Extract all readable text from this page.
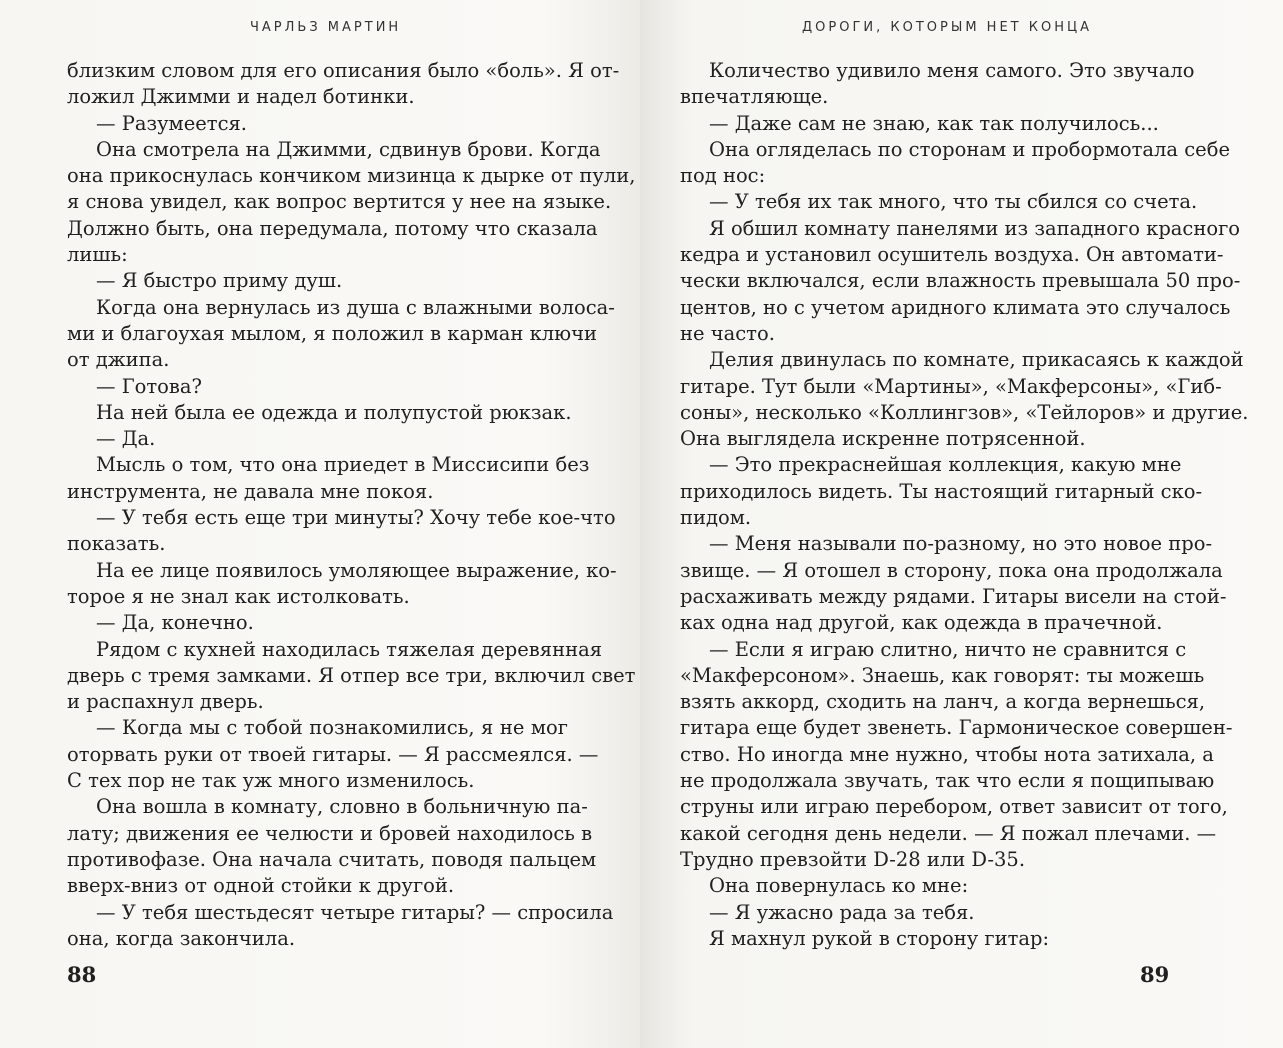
ЧАРЛЬЗ МАРТИН
близким словом для его описания было «боль». Я от-
ложил Джимми и надел ботинки.
— Разумеется.
Она смотрела на Джимми, сдвинув брови. Когда
она прикоснулась кончиком мизинца к дырке от пули,
я снова увидел, как вопрос вертится у нее на языке.
Должно быть, она передумала, потому что сказала
лишь:
— Я быстро приму душ.
Когда она вернулась из душа с влажными волоса-
ми и благоухая мылом, я положил в карман ключи
от джипа.
— Готова?
На ней была ее одежда и полупустой рюкзак.
— Да.
Мысль о том, что она приедет в Миссисипи без
инструмента, не давала мне покоя.
— У тебя есть еще три минуты? Хочу тебе кое-что
показать.
На ее лице появилось умоляющее выражение, ко-
торое я не знал как истолковать.
— Да, конечно.
Рядом с кухней находилась тяжелая деревянная
дверь с тремя замками. Я отпер все три, включил свет
и распахнул дверь.
— Когда мы с тобой познакомились, я не мог
оторвать руки от твоей гитары. — Я рассмеялся. —
С тех пор не так уж много изменилось.
Она вошла в комнату, словно в больничную па-
лату; движения ее челюсти и бровей находилось в
противофазе. Она начала считать, поводя пальцем
вверх-вниз от одной стойки к другой.
— У тебя шестьдесят четыре гитары? — спросила
она, когда закончила.
88
ДОРОГИ, КОТОРЫМ НЕТ КОНЦА
Количество удивило меня самого. Это звучало
впечатляюще.
— Даже сам не знаю, как так получилось...
Она огляделась по сторонам и пробормотала себе
под нос:
— У тебя их так много, что ты сбился со счета.
Я обшил комнату панелями из западного красного
кедра и установил осушитель воздуха. Он автомати-
чески включался, если влажность превышала 50 про-
центов, но с учетом аридного климата это случалось
не часто.
Делия двинулась по комнате, прикасаясь к каждой
гитаре. Тут были «Мартины», «Макферсоны», «Гиб-
соны», несколько «Коллингзов», «Тейлоров» и другие.
Она выглядела искренне потрясенной.
— Это прекраснейшая коллекция, какую мне
приходилось видеть. Ты настоящий гитарный ско-
пидом.
— Меня называли по-разному, но это новое про-
звище. — Я отошел в сторону, пока она продолжала
расхаживать между рядами. Гитары висели на стой-
ках одна над другой, как одежда в прачечной.
— Если я играю слитно, ничто не сравнится с
«Макферсоном». Знаешь, как говорят: ты можешь
взять аккорд, сходить на ланч, а когда вернешься,
гитара еще будет звенеть. Гармоническое совершен-
ство. Но иногда мне нужно, чтобы нота затихала, а
не продолжала звучать, так что если я пощипываю
струны или играю перебором, ответ зависит от того,
какой сегодня день недели. — Я пожал плечами. —
Трудно превзойти D-28 или D-35.
Она повернулась ко мне:
— Я ужасно рада за тебя.
Я махнул рукой в сторону гитар:
89
